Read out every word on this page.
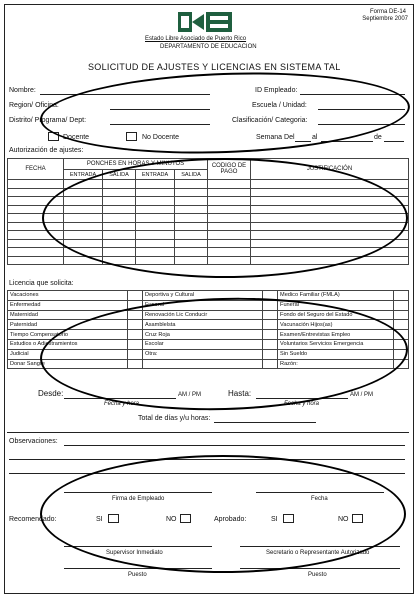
Forma DE-14
Septiembre 2007
Estado Libre Asociado de Puerto Rico
DEPARTAMENTO DE EDUCACION
SOLICITUD DE AJUSTES Y LICENCIAS EN SISTEMA TAL
Nombre:	ID Empleado:
Region/ Oficina:	Escuela / Unidad:
Distrito/ Programa/ Dept:	Clasificación/ Categoria:
Docente	No Docente	Semana Del al	de
Autorización de ajustes:
FECHA	PONCHES EN HORAS Y MINUTOS				CODIGO DE PAGO	JUSTIFICACIÓN
	ENTRADA	SALIDA	ENTRADA	SALIDA		

Licencia que solicita:
Vacaciones		Deportiva y Cultural		Medico Familiar (FMLA)	
Enfermedad		Funeral		Funeral	
Maternidad		Renovación Lic Conducir		Fondo del Seguro del Estado	
Paternidad		Asamblelsta		Vacunación Hijos(as)	
Tiempo Compensatorio		Cruz Roja		Examen/Entrevistas Empleo	
Estudios o Adiestramientos		Escolar		Voluntarios Servicios Emergencia	
Judicial		Otra:		Sin Sueldo	
Donar Sangre				Razón:	
Desde:	AM / PM
Fecha y hora
Hasta:	AM / PM
Fecha y hora
Total de días y/u horas:
Observaciones:
Firma de Empleado	Fecha
Recomendado:	SI	NO	Aprobado:	SI	NO
Supervisor Inmediato	Secretario o Representante Autorizado
Puesto	Puesto
